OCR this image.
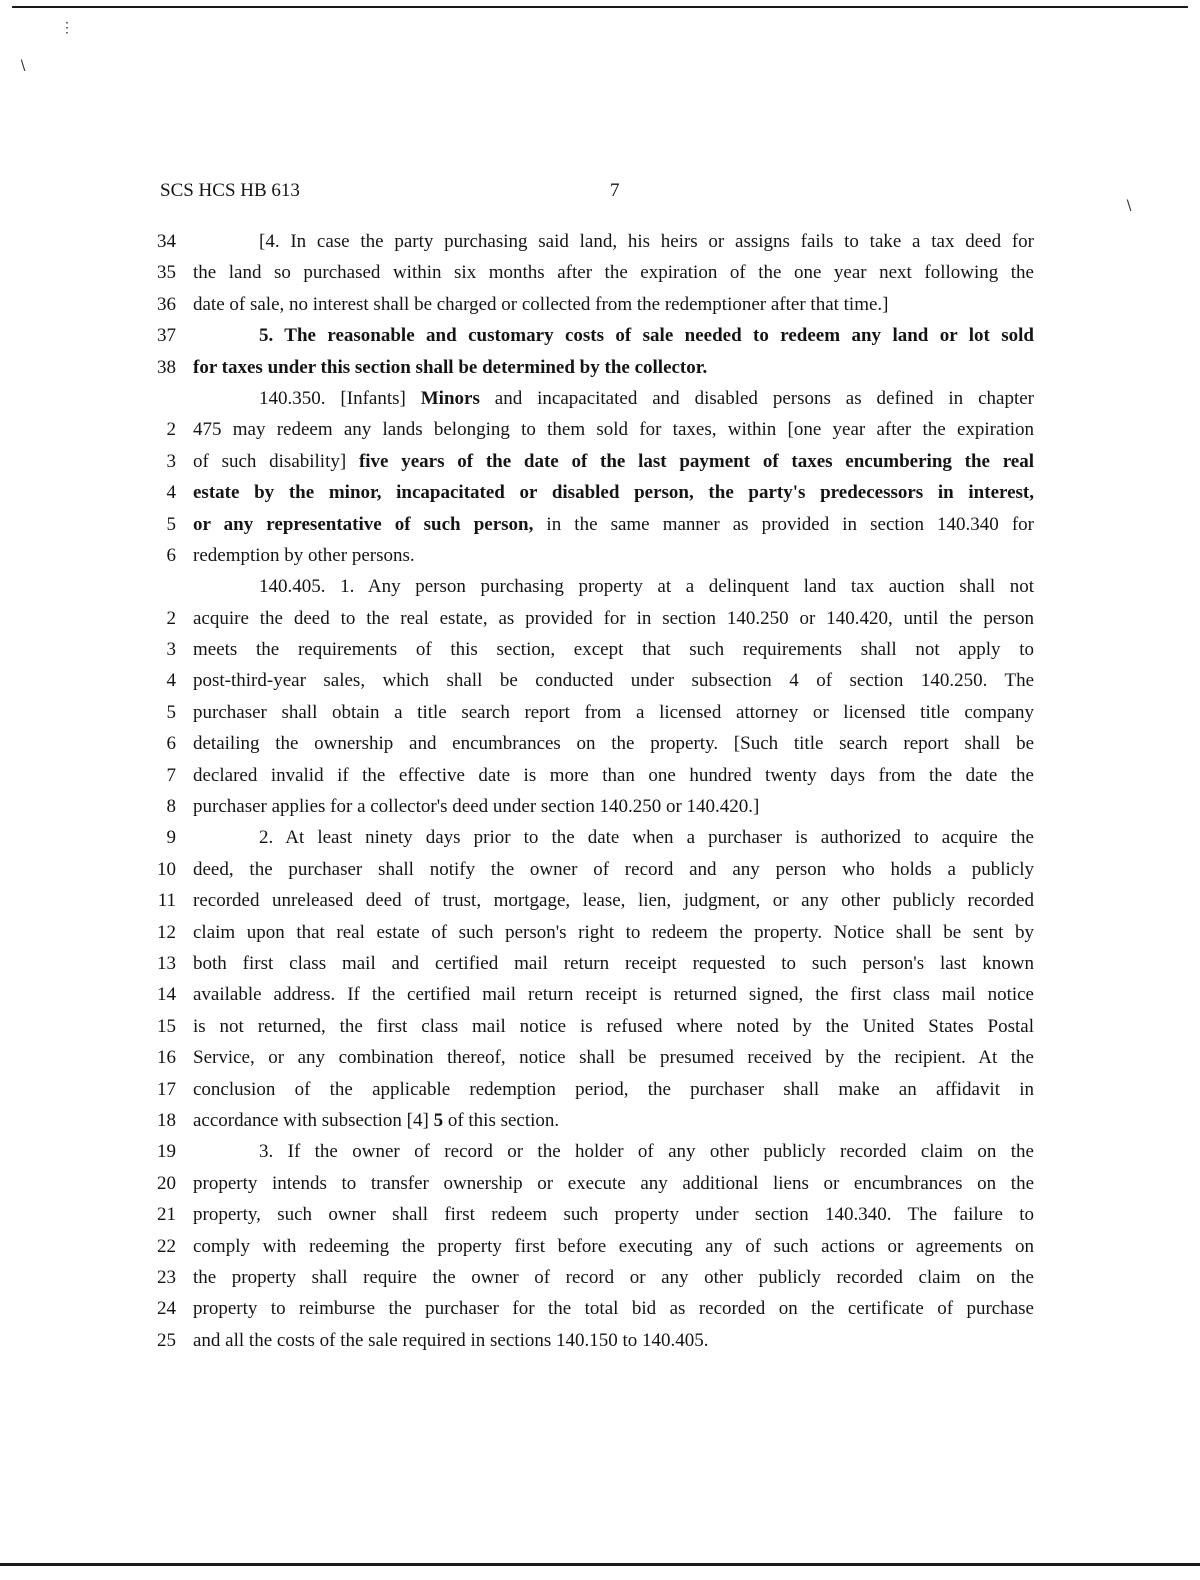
⋮
∖
∖
SCS HCS HB 613	7
34	[4. In case the party purchasing said land, his heirs or assigns fails to take a tax deed for
35 the land so purchased within six months after the expiration of the one year next following the
36 date of sale, no interest shall be charged or collected from the redemptioner after that time.]
37	5. The reasonable and customary costs of sale needed to redeem any land or lot sold
38 for taxes under this section shall be determined by the collector.
140.350. [Infants] Minors and incapacitated and disabled persons as defined in chapter
2 475 may redeem any lands belonging to them sold for taxes, within [one year after the expiration
3 of such disability] five years of the date of the last payment of taxes encumbering the real
4 estate by the minor, incapacitated or disabled person, the party's predecessors in interest,
5 or any representative of such person, in the same manner as provided in section 140.340 for
6 redemption by other persons.
140.405. 1. Any person purchasing property at a delinquent land tax auction shall not
2 acquire the deed to the real estate, as provided for in section 140.250 or 140.420, until the person
3 meets the requirements of this section, except that such requirements shall not apply to
4 post-third-year sales, which shall be conducted under subsection 4 of section 140.250. The
5 purchaser shall obtain a title search report from a licensed attorney or licensed title company
6 detailing the ownership and encumbrances on the property. [Such title search report shall be
7 declared invalid if the effective date is more than one hundred twenty days from the date the
8 purchaser applies for a collector's deed under section 140.250 or 140.420.]
9	2. At least ninety days prior to the date when a purchaser is authorized to acquire the
10 deed, the purchaser shall notify the owner of record and any person who holds a publicly
11 recorded unreleased deed of trust, mortgage, lease, lien, judgment, or any other publicly recorded
12 claim upon that real estate of such person's right to redeem the property. Notice shall be sent by
13 both first class mail and certified mail return receipt requested to such person's last known
14 available address. If the certified mail return receipt is returned signed, the first class mail notice
15 is not returned, the first class mail notice is refused where noted by the United States Postal
16 Service, or any combination thereof, notice shall be presumed received by the recipient. At the
17 conclusion of the applicable redemption period, the purchaser shall make an affidavit in
18 accordance with subsection [4] 5 of this section.
19	3. If the owner of record or the holder of any other publicly recorded claim on the
20 property intends to transfer ownership or execute any additional liens or encumbrances on the
21 property, such owner shall first redeem such property under section 140.340. The failure to
22 comply with redeeming the property first before executing any of such actions or agreements on
23 the property shall require the owner of record or any other publicly recorded claim on the
24 property to reimburse the purchaser for the total bid as recorded on the certificate of purchase
25 and all the costs of the sale required in sections 140.150 to 140.405.
